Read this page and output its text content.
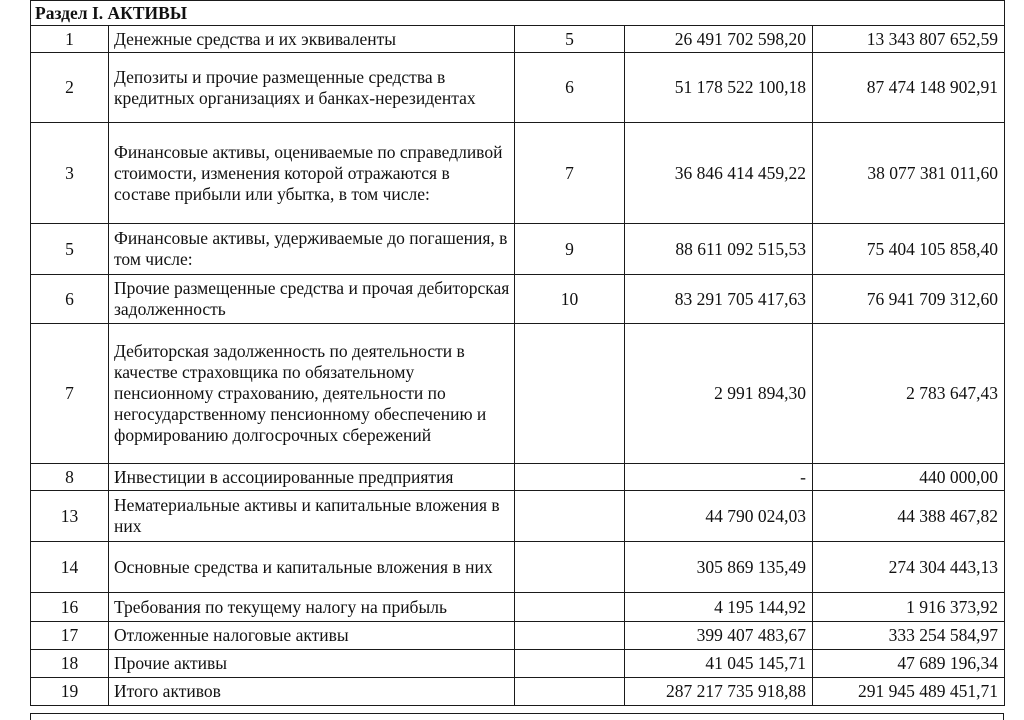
Раздел I. АКТИВЫ				
1	Денежные средства и их эквиваленты	5	26 491 702 598,20	13 343 807 652,59
2	Депозиты и прочие размещенные средства в кредитных организациях и банках-нерезидентах	6	51 178 522 100,18	87 474 148 902,91
3	Финансовые активы, оцениваемые по справедливой стоимости, изменения которой отражаются в составе прибыли или убытка, в том числе:	7	36 846 414 459,22	38 077 381 011,60
5	Финансовые активы, удерживаемые до погашения, в том числе:	9	88 611 092 515,53	75 404 105 858,40
6	Прочие размещенные средства и прочая дебиторская задолженность	10	83 291 705 417,63	76 941 709 312,60
7	Дебиторская задолженность по деятельности в качестве страховщика по обязательному пенсионному страхованию, деятельности по негосударственному пенсионному обеспечению и формированию долгосрочных сбережений		2 991 894,30	2 783 647,43
8	Инвестиции в ассоциированные предприятия		-	440 000,00
13	Нематериальные активы и капитальные вложения в них		44 790 024,03	44 388 467,82
14	Основные средства и капитальные вложения в них		305 869 135,49	274 304 443,13
16	Требования по текущему налогу на прибыль		4 195 144,92	1 916 373,92
17	Отложенные налоговые активы		399 407 483,67	333 254 584,97
18	Прочие активы		41 045 145,71	47 689 196,34
19	Итого активов		287 217 735 918,88	291 945 489 451,71
